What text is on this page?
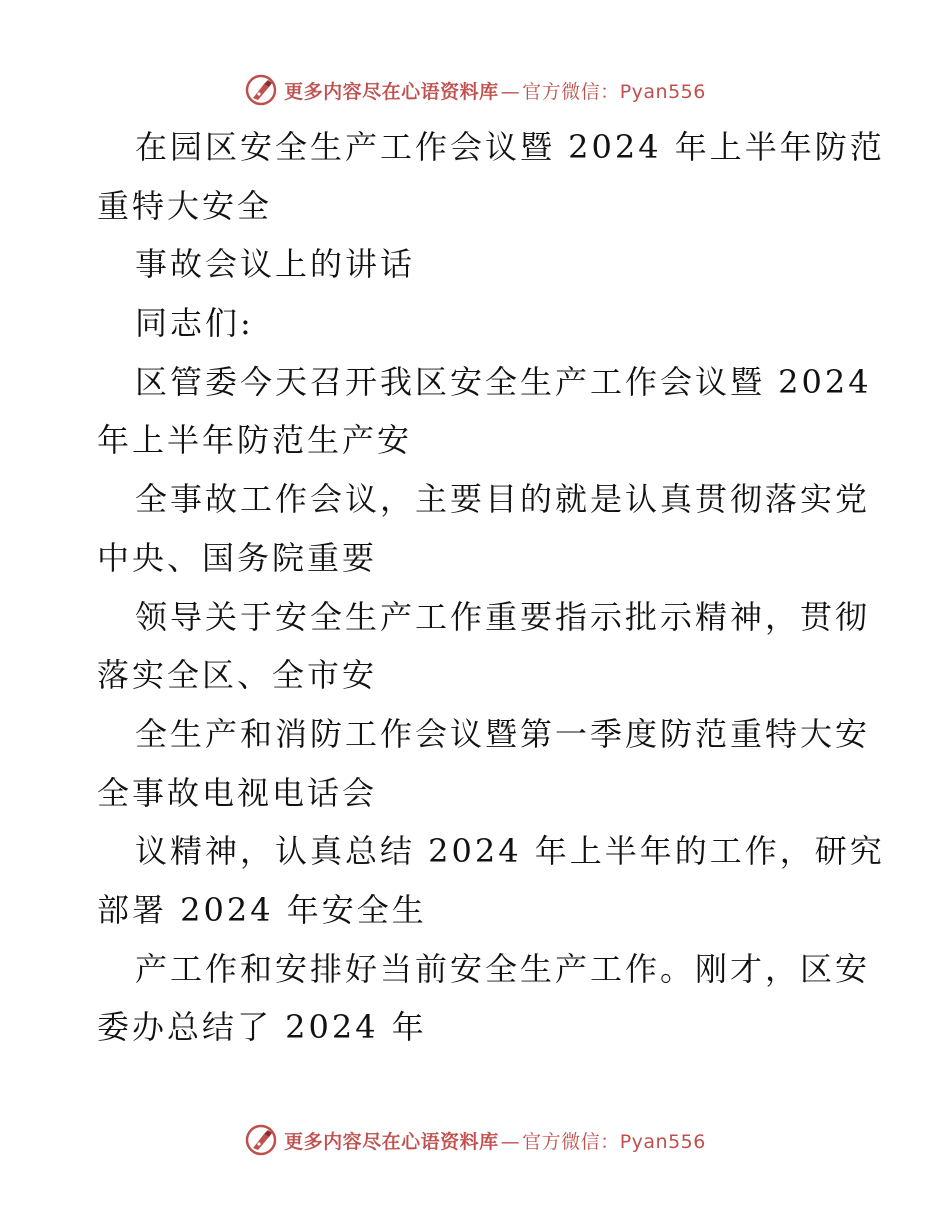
更多内容尽在心语资料库 — 官方微信：Pyan556
在园区安全生产工作会议暨 2024 年上半年防范
重特大安全
事故会议上的讲话
同志们:
区管委今天召开我区安全生产工作会议暨 2024
年上半年防范生产安
全事故工作会议，主要目的就是认真贯彻落实党
中央、国务院重要
领导关于安全生产工作重要指示批示精神，贯彻
落实全区、全市安
全生产和消防工作会议暨第一季度防范重特大安
全事故电视电话会
议精神，认真总结 2024 年上半年的工作，研究
部署 2024 年安全生
产工作和安排好当前安全生产工作。刚才，区安
委办总结了 2024 年
更多内容尽在心语资料库 — 官方微信：Pyan556
